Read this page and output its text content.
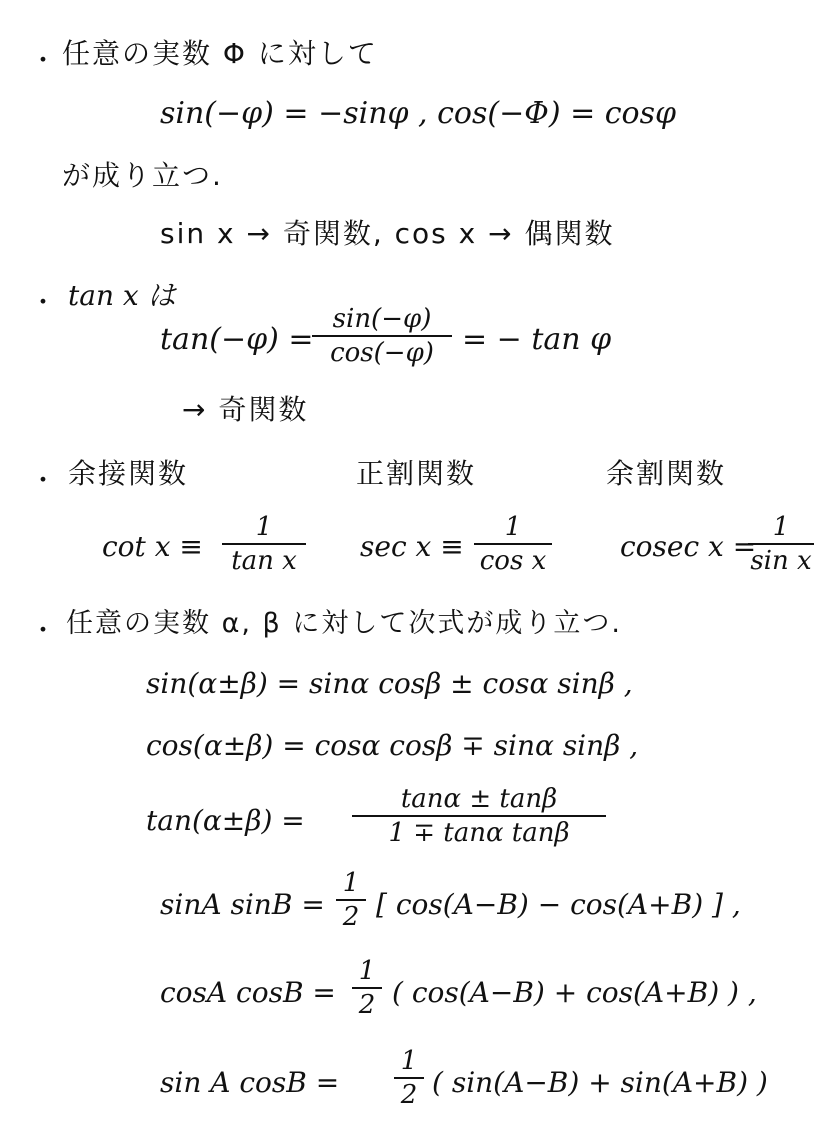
・ 任意の実数 Φ に対して
sin(−φ) = −sinφ , cos(−Φ) = cosφ
が成り立つ.
sin x → 奇関数, cos x → 偶関数
・ tan x は
tan(−φ) =
sin(−φ)
cos(−φ) = − tan φ
→ 奇関数
・ 余接関数	正割関数	余割関数
cot x ≡
1
tan x	sec x ≡
1
cos x	cosec x =
1
sin x
・ 任意の実数 α, β に対して次式が成り立つ.
sin(α±β) = sinα cosβ ± cosα sinβ ,
cos(α±β) = cosα cosβ ∓ sinα sinβ ,
tan(α±β) =
tanα ± tanβ
1 ∓ tanα tanβ
sinA sinB =
1
2 [ cos(A−B) − cos(A+B) ] ,
cosA cosB =
1
2 ( cos(A−B) + cos(A+B) ) ,
sin A cosB =
1
2 ( sin(A−B) + sin(A+B) )
